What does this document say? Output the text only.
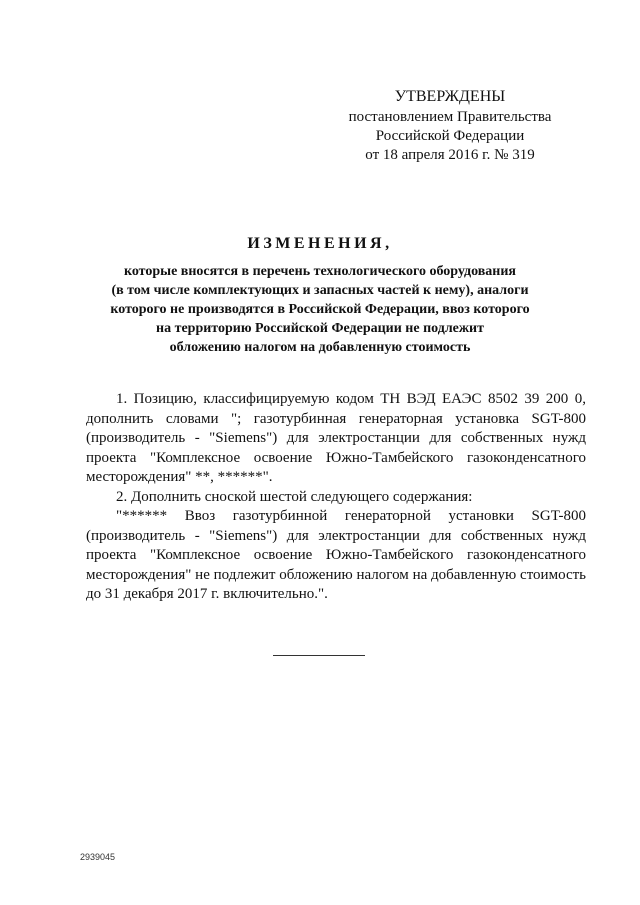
УТВЕРЖДЕНЫ
постановлением Правительства
Российской Федерации
от 18 апреля 2016 г. № 319
ИЗМЕНЕНИЯ,
которые вносятся в перечень технологического оборудования
(в том числе комплектующих и запасных частей к нему), аналоги
которого не производятся в Российской Федерации, ввоз которого
на территорию Российской Федерации не подлежит
обложению налогом на добавленную стоимость

1. Позицию, классифицируемую кодом ТН ВЭД ЕАЭС 8502 39 200 0, дополнить словами "; газотурбинная генераторная установка SGT-800 (производитель - "Siemens") для электростанции для собственных нужд проекта "Комплексное освоение Южно-Тамбейского газоконденсатного месторождения" **, ******".

2. Дополнить сноской шестой следующего содержания:

"****** Ввоз газотурбинной генераторной установки SGT-800 (производитель - "Siemens") для электростанции для собственных нужд проекта "Комплексное освоение Южно-Тамбейского газоконденсатного месторождения" не подлежит обложению налогом на добавленную стоимость до 31 декабря 2017 г. включительно.".

2939045
